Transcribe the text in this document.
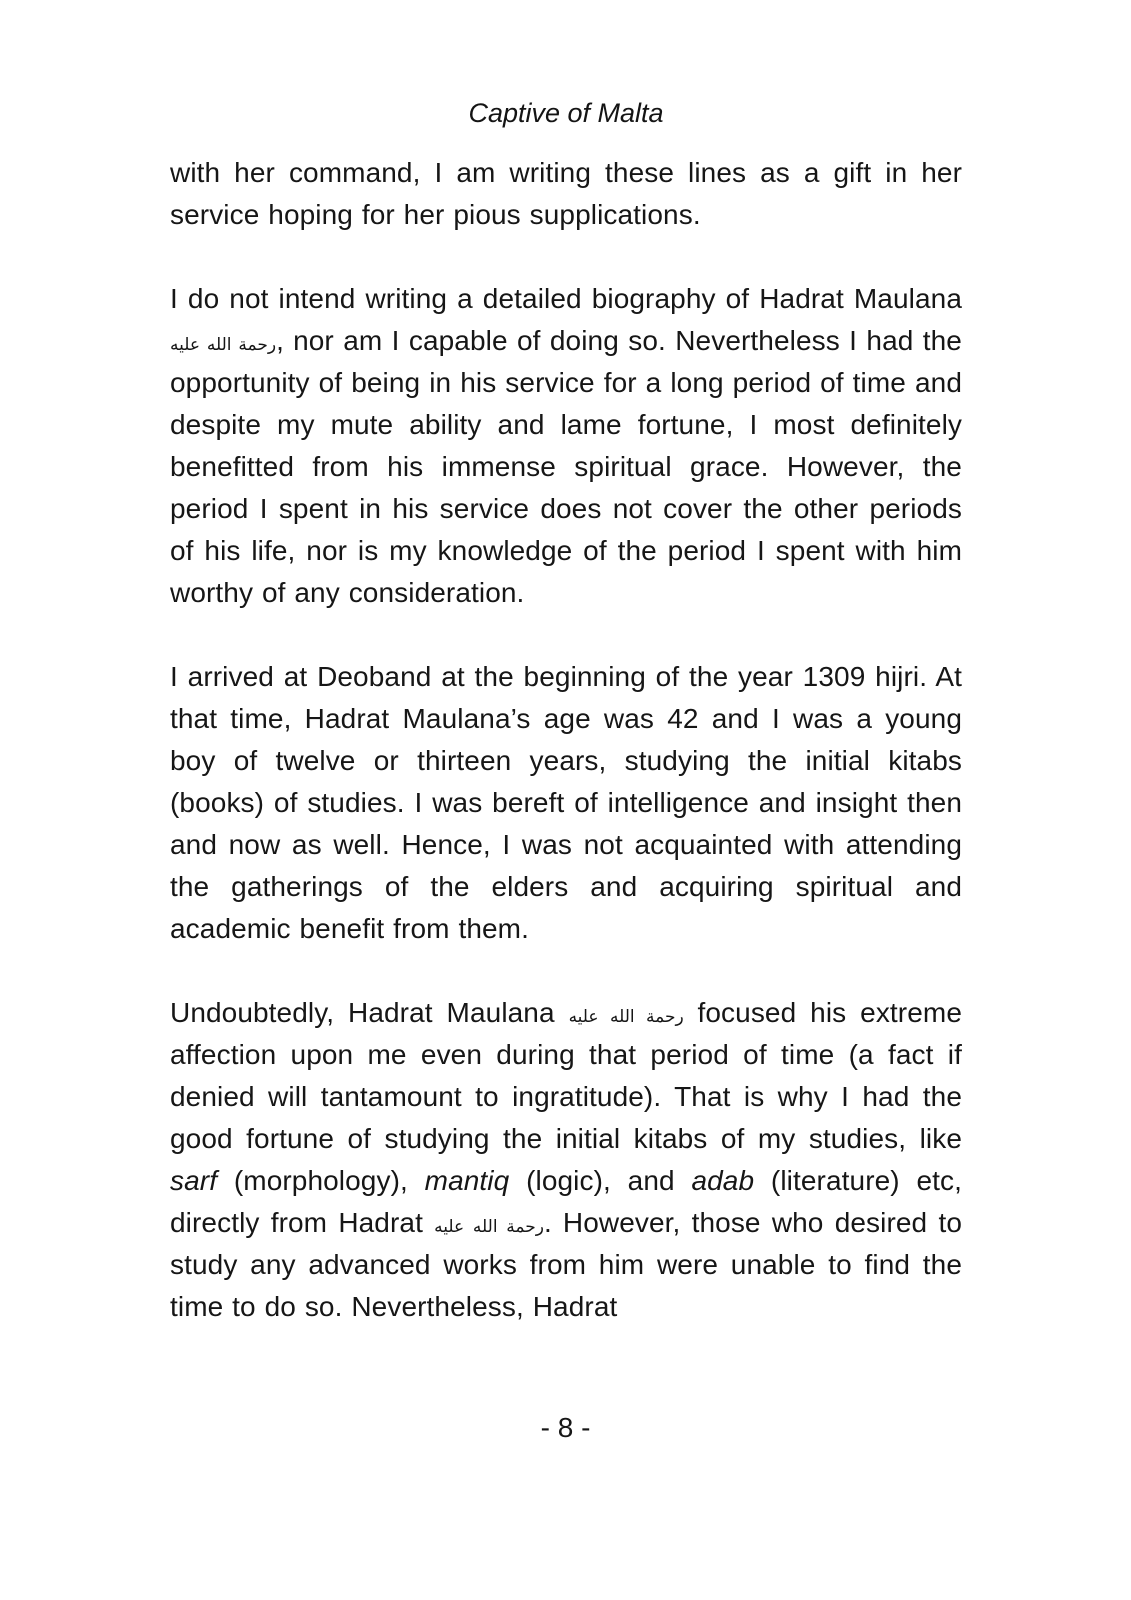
Captive of Malta

with her command, I am writing these lines as a gift in her service hoping for her pious supplications.

I do not intend writing a detailed biography of Hadrat Maulana رحمة الله عليه, nor am I capable of doing so. Nevertheless I had the opportunity of being in his service for a long period of time and despite my mute ability and lame fortune, I most definitely benefitted from his immense spiritual grace. However, the period I spent in his service does not cover the other periods of his life, nor is my knowledge of the period I spent with him worthy of any consideration.

I arrived at Deoband at the beginning of the year 1309 hijri. At that time, Hadrat Maulana’s age was 42 and I was a young boy of twelve or thirteen years, studying the initial kitabs (books) of studies. I was bereft of intelligence and insight then and now as well. Hence, I was not acquainted with attending the gatherings of the elders and acquiring spiritual and academic benefit from them.

Undoubtedly, Hadrat Maulana رحمة الله عليه focused his extreme affection upon me even during that period of time (a fact if denied will tantamount to ingratitude). That is why I had the good fortune of studying the initial kitabs of my studies, like sarf (morphology), mantiq (logic), and adab (literature) etc, directly from Hadrat رحمة الله عليه. However, those who desired to study any advanced works from him were unable to find the time to do so. Nevertheless, Hadrat

- 8 -
